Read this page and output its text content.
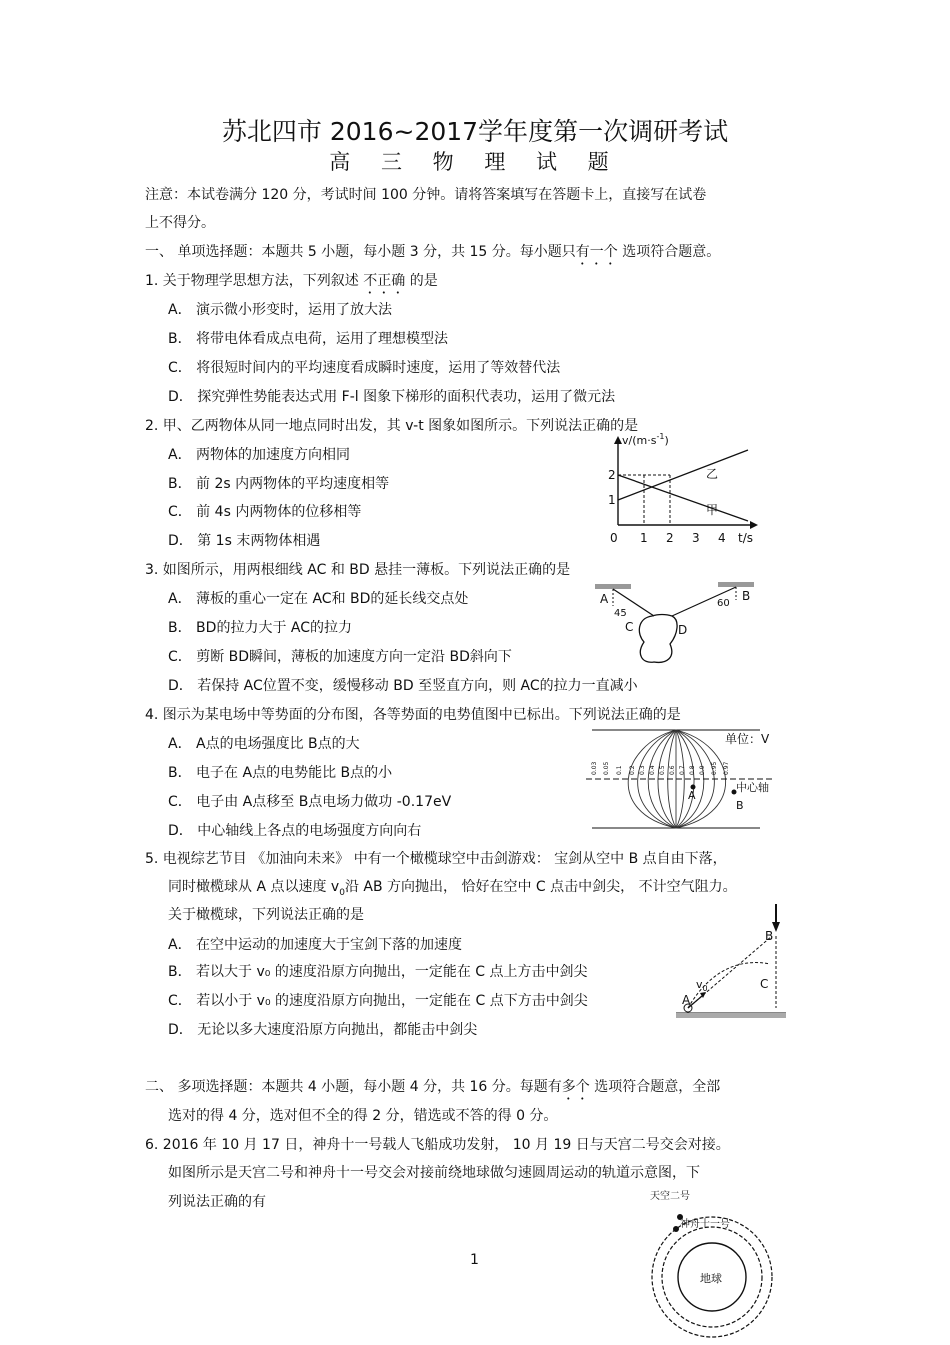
苏北四市 2016~2017学年度第一次调研考试
高 三 物 理 试 题
注意：本试卷满分 120 分，考试时间 100 分钟。请将答案填写在答题卡上，直接写在试卷
上不得分。
一、 单项选择题：本题共 5 小题，每小题 3 分，共 15 分。每小题只有一个 选项符合题意。
1. 关于物理学思想方法，下列叙述 不正确 的是
A． 演示微小形变时，运用了放大法
B． 将带电体看成点电荷，运用了理想模型法
C． 将很短时间内的平均速度看成瞬时速度，运用了等效替代法
D． 探究弹性势能表达式用 F-l 图象下梯形的面积代表功，运用了微元法
2. 甲、乙两物体从同一地点同时出发，其 v-t 图象如图所示。下列说法正确的是
A． 两物体的加速度方向相同
B． 前 2s 内两物体的平均速度相等
C． 前 4s 内两物体的位移相等
D． 第 1s 末两物体相遇
$v/(m\cdot s^{-1})$
2
1
0 1 2 3 4 t/s
乙
甲
3. 如图所示，用两根细线 AC 和 BD 悬挂一薄板。下列说法正确的是
A． 薄板的重心一定在 AC和 BD的延长线交点处
B． BD的拉力大于 AC的拉力
C． 剪断 BD瞬间，薄板的加速度方向一定沿 BD斜向下
D． 若保持 AC位置不变，缓慢移动 BD 至竖直方向，则 AC的拉力一直减小
A	B
C	D
45
60
4. 图示为某电场中等势面的分布图，各等势面的电势值图中已标出。下列说法正确的是
A． A点的电场强度比 B点的大
B． 电子在 A点的电势能比 B点的小
C． 电子由 A点移至 B点电场力做功 -0.17eV
D． 中心轴线上各点的电场强度方向向右
A
B
单位：V
中心轴
0.03 0.05 0.1 0.2 0.3 0.4 0.5 0.6 0.7 0.8 0.9 0.95 0.97
5. 电视综艺节目 《加油向未来》 中有一个橄榄球空中击剑游戏： 宝剑从空中 B 点自由下落，
同时橄榄球从 A 点以速度 $v_0$沿 AB 方向抛出， 恰好在空中 C 点击中剑尖， 不计空气阻力。
关于橄榄球，下列说法正确的是
A． 在空中运动的加速度大于宝剑下落的加速度
B． 若以大于 v₀ 的速度沿原方向抛出，一定能在 C 点上方击中剑尖
C． 若以小于 v₀ 的速度沿原方向抛出，一定能在 C 点下方击中剑尖
D． 无论以多大速度沿原方向抛出，都能击中剑尖
B
C
A
$v_0$
二、 多项选择题：本题共 4 小题，每小题 4 分，共 16 分。每题有多个 选项符合题意，全部
选对的得 4 分，选对但不全的得 2 分，错选或不答的得 0 分。
6. 2016 年 10 月 17 日，神舟十一号载人飞船成功发射， 10 月 19 日与天宫二号交会对接。
如图所示是天宫二号和神舟十一号交会对接前绕地球做匀速圆周运动的轨道示意图，下
列说法正确的有	天空二号
神舟十一号
地球
1
